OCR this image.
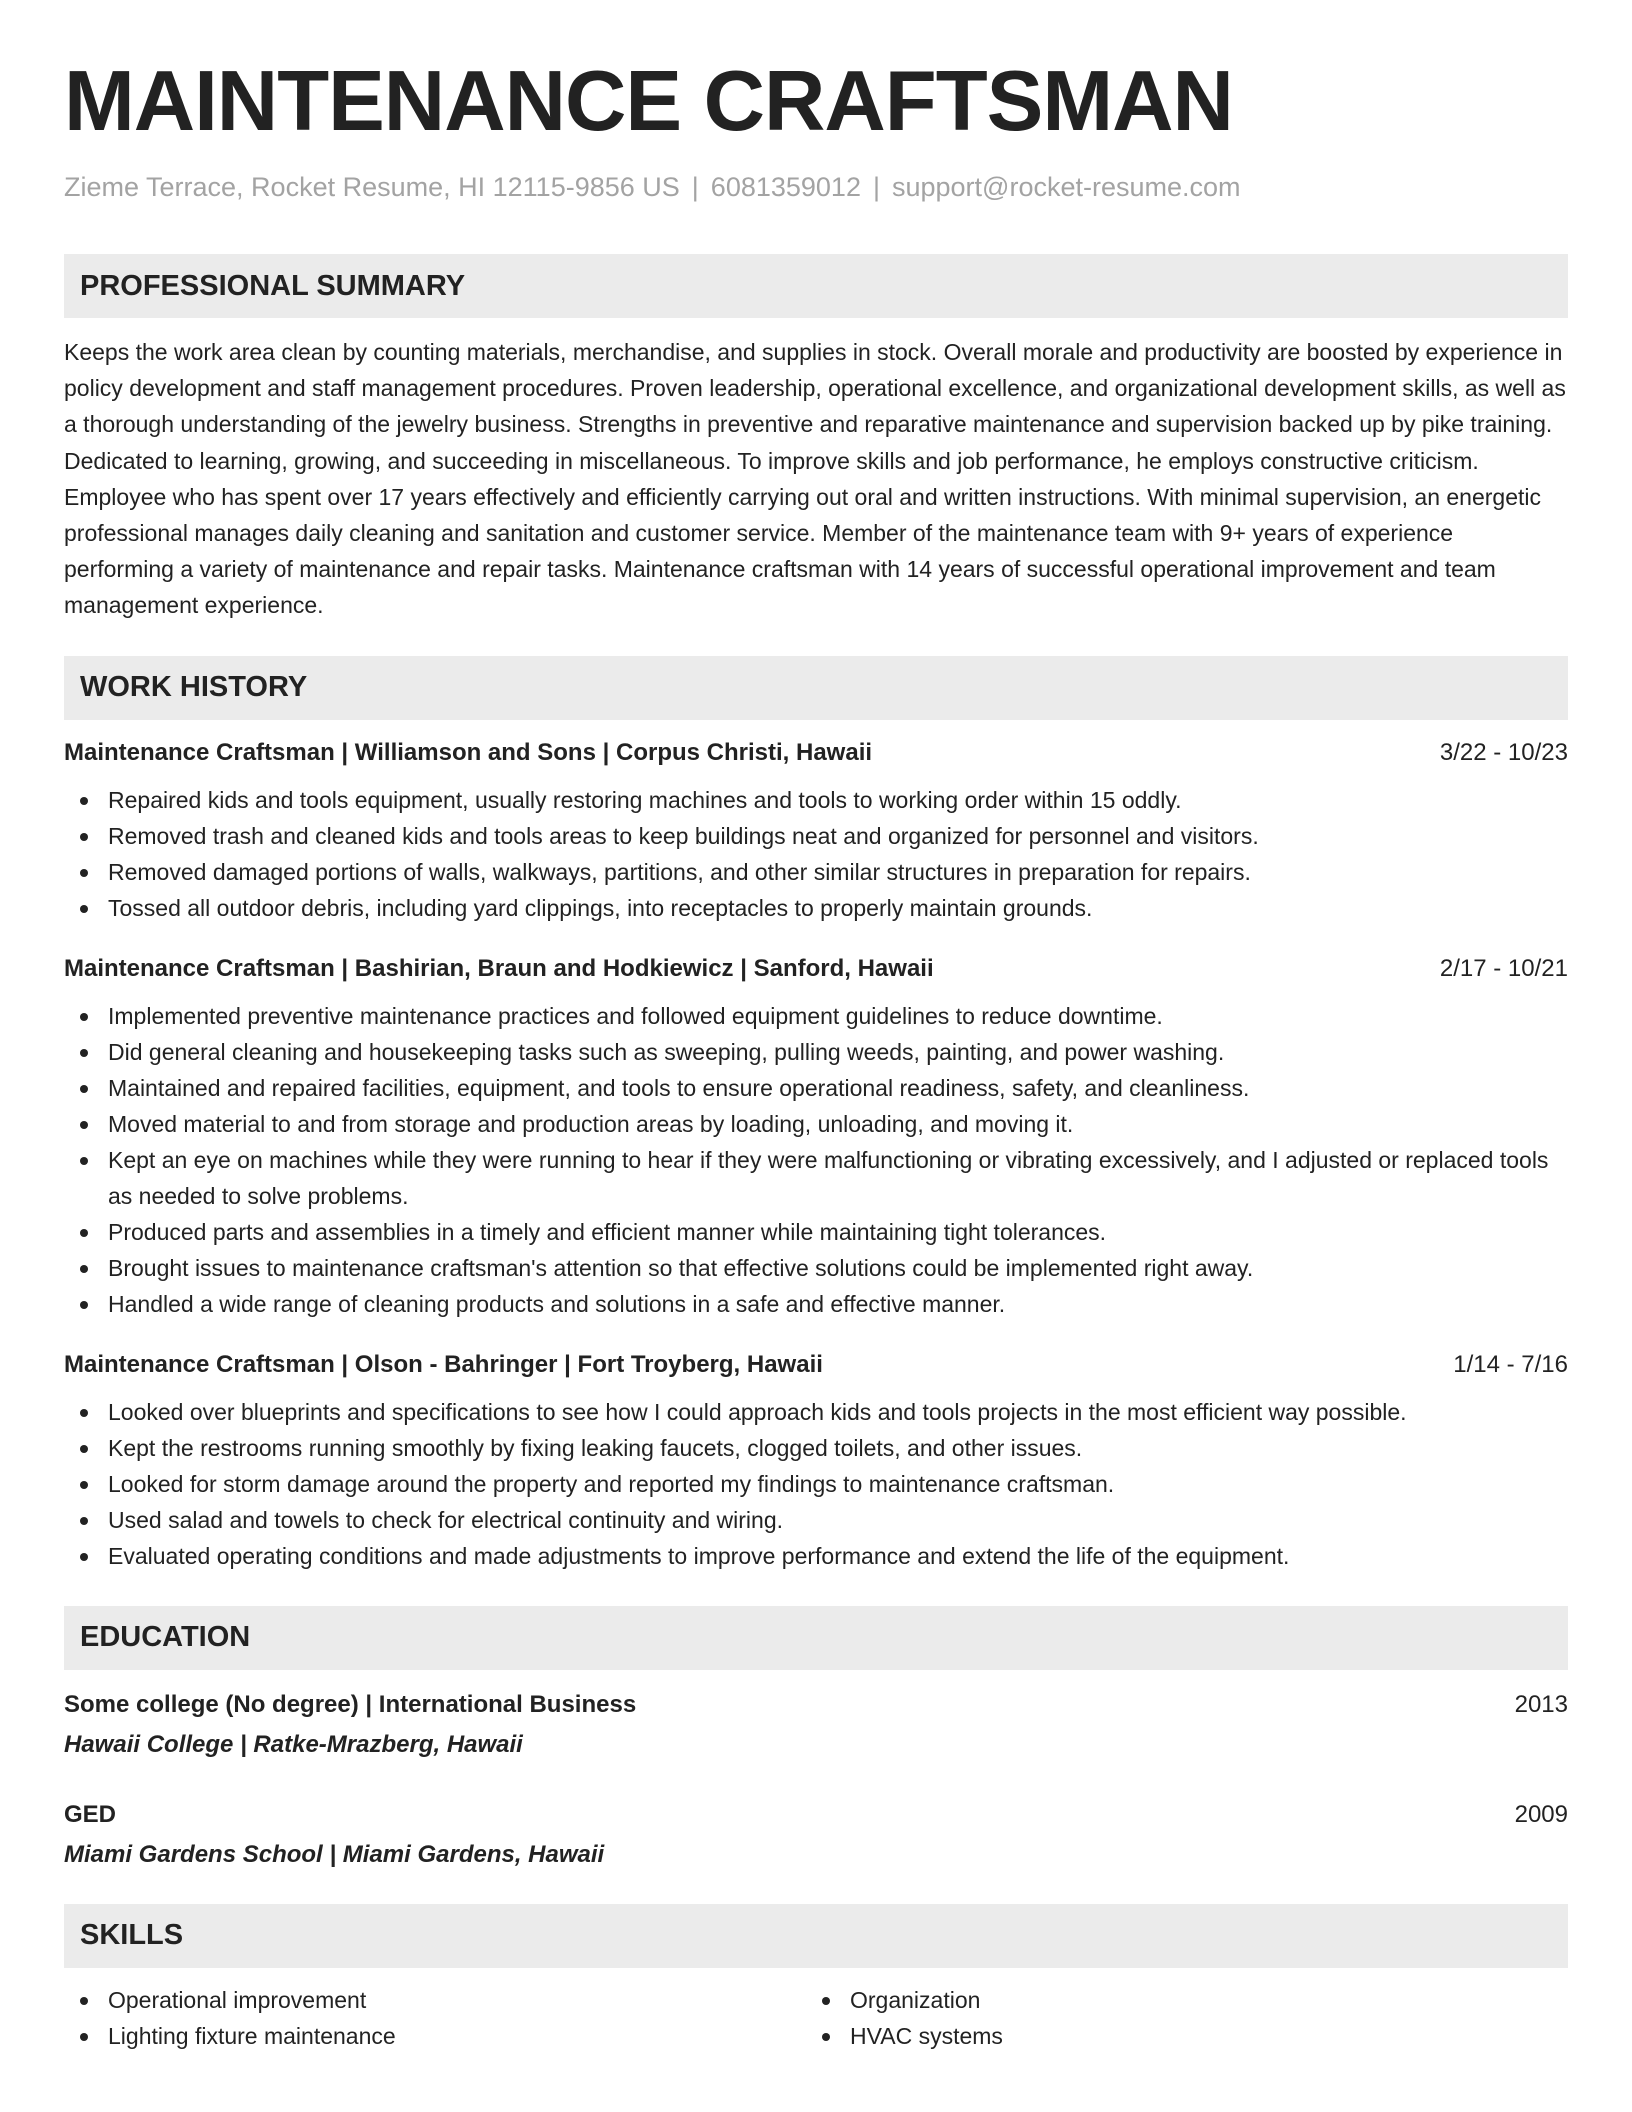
MAINTENANCE CRAFTSMAN
Zieme Terrace, Rocket Resume, HI 12115-9856 US | 6081359012 | support@rocket-resume.com
PROFESSIONAL SUMMARY
Keeps the work area clean by counting materials, merchandise, and supplies in stock. Overall morale and productivity are boosted by experience in policy development and staff management procedures. Proven leadership, operational excellence, and organizational development skills, as well as a thorough understanding of the jewelry business. Strengths in preventive and reparative maintenance and supervision backed up by pike training. Dedicated to learning, growing, and succeeding in miscellaneous. To improve skills and job performance, he employs constructive criticism. Employee who has spent over 17 years effectively and efficiently carrying out oral and written instructions. With minimal supervision, an energetic professional manages daily cleaning and sanitation and customer service. Member of the maintenance team with 9+ years of experience performing a variety of maintenance and repair tasks. Maintenance craftsman with 14 years of successful operational improvement and team management experience.
WORK HISTORY
Maintenance Craftsman | Williamson and Sons | Corpus Christi, Hawaii	3/22 - 10/23
Repaired kids and tools equipment, usually restoring machines and tools to working order within 15 oddly.
Removed trash and cleaned kids and tools areas to keep buildings neat and organized for personnel and visitors.
Removed damaged portions of walls, walkways, partitions, and other similar structures in preparation for repairs.
Tossed all outdoor debris, including yard clippings, into receptacles to properly maintain grounds.
Maintenance Craftsman | Bashirian, Braun and Hodkiewicz | Sanford, Hawaii	2/17 - 10/21
Implemented preventive maintenance practices and followed equipment guidelines to reduce downtime.
Did general cleaning and housekeeping tasks such as sweeping, pulling weeds, painting, and power washing.
Maintained and repaired facilities, equipment, and tools to ensure operational readiness, safety, and cleanliness.
Moved material to and from storage and production areas by loading, unloading, and moving it.
Kept an eye on machines while they were running to hear if they were malfunctioning or vibrating excessively, and I adjusted or replaced tools as needed to solve problems.
Produced parts and assemblies in a timely and efficient manner while maintaining tight tolerances.
Brought issues to maintenance craftsman's attention so that effective solutions could be implemented right away.
Handled a wide range of cleaning products and solutions in a safe and effective manner.
Maintenance Craftsman | Olson - Bahringer | Fort Troyberg, Hawaii	1/14 - 7/16
Looked over blueprints and specifications to see how I could approach kids and tools projects in the most efficient way possible.
Kept the restrooms running smoothly by fixing leaking faucets, clogged toilets, and other issues.
Looked for storm damage around the property and reported my findings to maintenance craftsman.
Used salad and towels to check for electrical continuity and wiring.
Evaluated operating conditions and made adjustments to improve performance and extend the life of the equipment.
EDUCATION
Some college (No degree) | International Business	2013
Hawaii College | Ratke-Mrazberg, Hawaii
GED	2009
Miami Gardens School | Miami Gardens, Hawaii
SKILLS
Operational improvement
Lighting fixture maintenance
Organization
HVAC systems
